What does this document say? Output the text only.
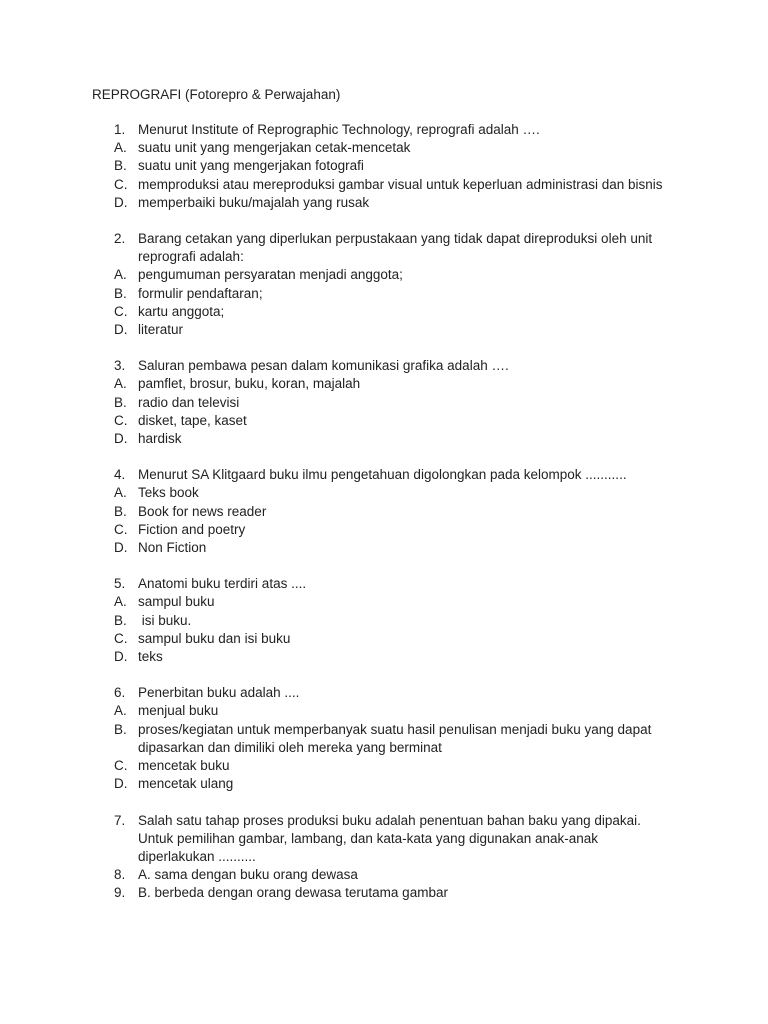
REPROGRAFI (Fotorepro & Perwajahan)
1. Menurut Institute of Reprographic Technology, reprografi adalah ….
A. suatu unit yang mengerjakan cetak-mencetak
B. suatu unit yang mengerjakan fotografi
C. memproduksi atau mereproduksi gambar visual untuk keperluan administrasi dan bisnis
D. memperbaiki buku/majalah yang rusak
2. Barang cetakan yang diperlukan perpustakaan yang tidak dapat direproduksi oleh unit reprografi adalah:
A. pengumuman persyaratan menjadi anggota;
B. formulir pendaftaran;
C. kartu anggota;
D. literatur
3. Saluran pembawa pesan dalam komunikasi grafika adalah ….
A. pamflet, brosur, buku, koran, majalah
B. radio dan televisi
C. disket, tape, kaset
D. hardisk
4. Menurut SA Klitgaard buku ilmu pengetahuan digolongkan pada kelompok ...........
A. Teks book
B. Book for news reader
C. Fiction and poetry
D. Non Fiction
5. Anatomi buku terdiri atas ....
A. sampul buku
B. isi buku.
C. sampul buku dan isi buku
D. teks
6. Penerbitan buku adalah ....
A. menjual buku
B. proses/kegiatan untuk memperbanyak suatu hasil penulisan menjadi buku yang dapat dipasarkan dan dimiliki oleh mereka yang berminat
C. mencetak buku
D. mencetak ulang
7. Salah satu tahap proses produksi buku adalah penentuan bahan baku yang dipakai. Untuk pemilihan gambar, lambang, dan kata-kata yang digunakan anak-anak diperlakukan ..........
8. A. sama dengan buku orang dewasa
9. B. berbeda dengan orang dewasa terutama gambar
